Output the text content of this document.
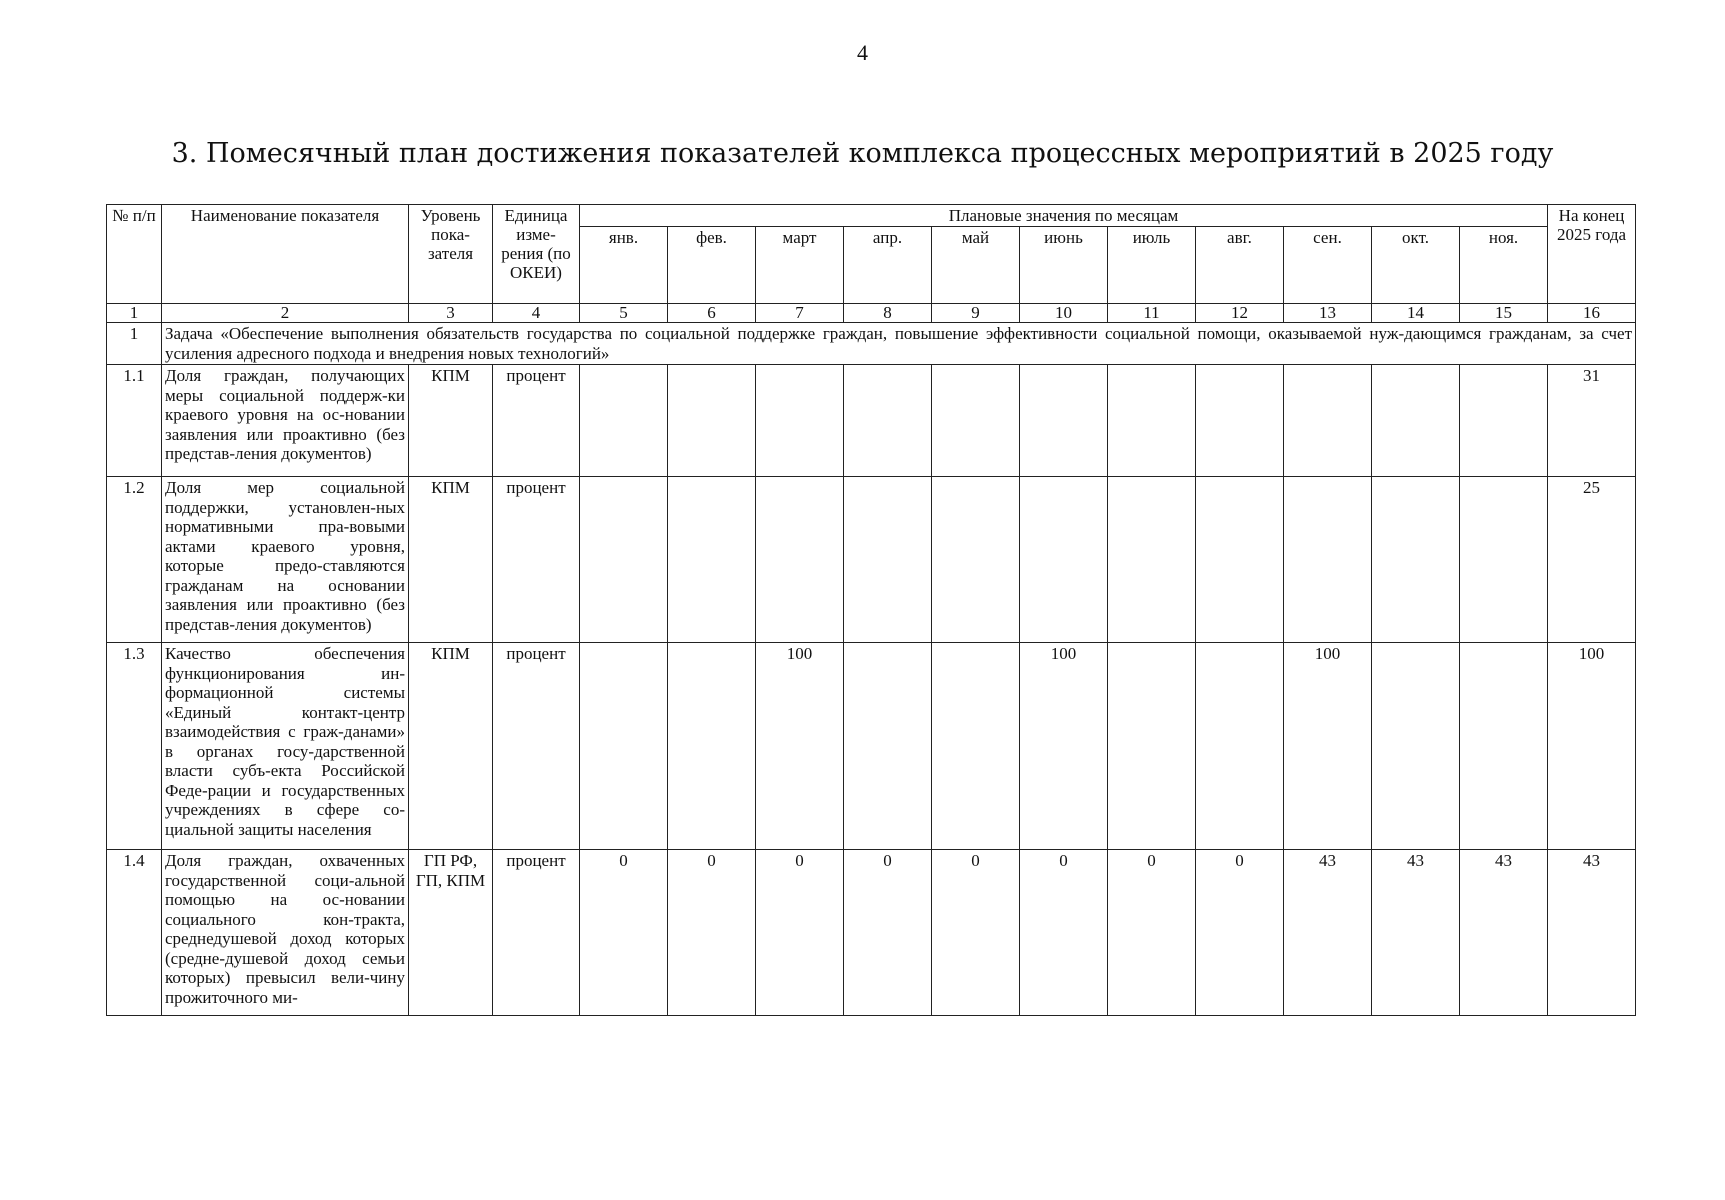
4
3. Помесячный план достижения показателей комплекса процессных мероприятий в 2025 году
№ п/п	Наименование показателя	Уровень пока-зателя	Единица изме-рения (по ОКЕИ)	Плановые значения по месяцам											На конец 2025 года
				янв.	фев.	март	апр.	май	июнь	июль	авг.	сен.	окт.	ноя.	
1	2	3	4	5	6	7	8	9	10	11	12	13	14	15	16
1	Задача «Обеспечение выполнения обязательств государства по социальной поддержке граждан, повышение эффективности социальной помощи, оказываемой нуж-дающимся гражданам, за счет усиления адресного подхода и внедрения новых технологий»														
1.1	Доля граждан, получающих меры социальной поддерж-ки краевого уровня на ос-новании заявления или проактивно (без представ-ления документов)	КПМ	процент												31
1.2	Доля мер социальной поддержки, установлен-ных нормативными пра-вовыми актами краевого уровня, которые предо-ставляются гражданам на основании заявления или проактивно (без представ-ления документов)	КПМ	процент												25
1.3	Качество обеспечения функционирования ин-формационной системы «Единый контакт-центр взаимодействия с граж-данами» в органах госу-дарственной власти субъ-екта Российской Феде-рации и государственных учреждениях в сфере со-циальной защиты населения	КПМ	процент			100			100			100			100
1.4	Доля граждан, охваченных государственной соци-альной помощью на ос-новании социального кон-тракта, среднедушевой доход которых (средне-душевой доход семьи которых) превысил вели-чину прожиточного ми-	ГП РФ, ГП, КПМ	процент	0	0	0	0	0	0	0	0	43	43	43	43
